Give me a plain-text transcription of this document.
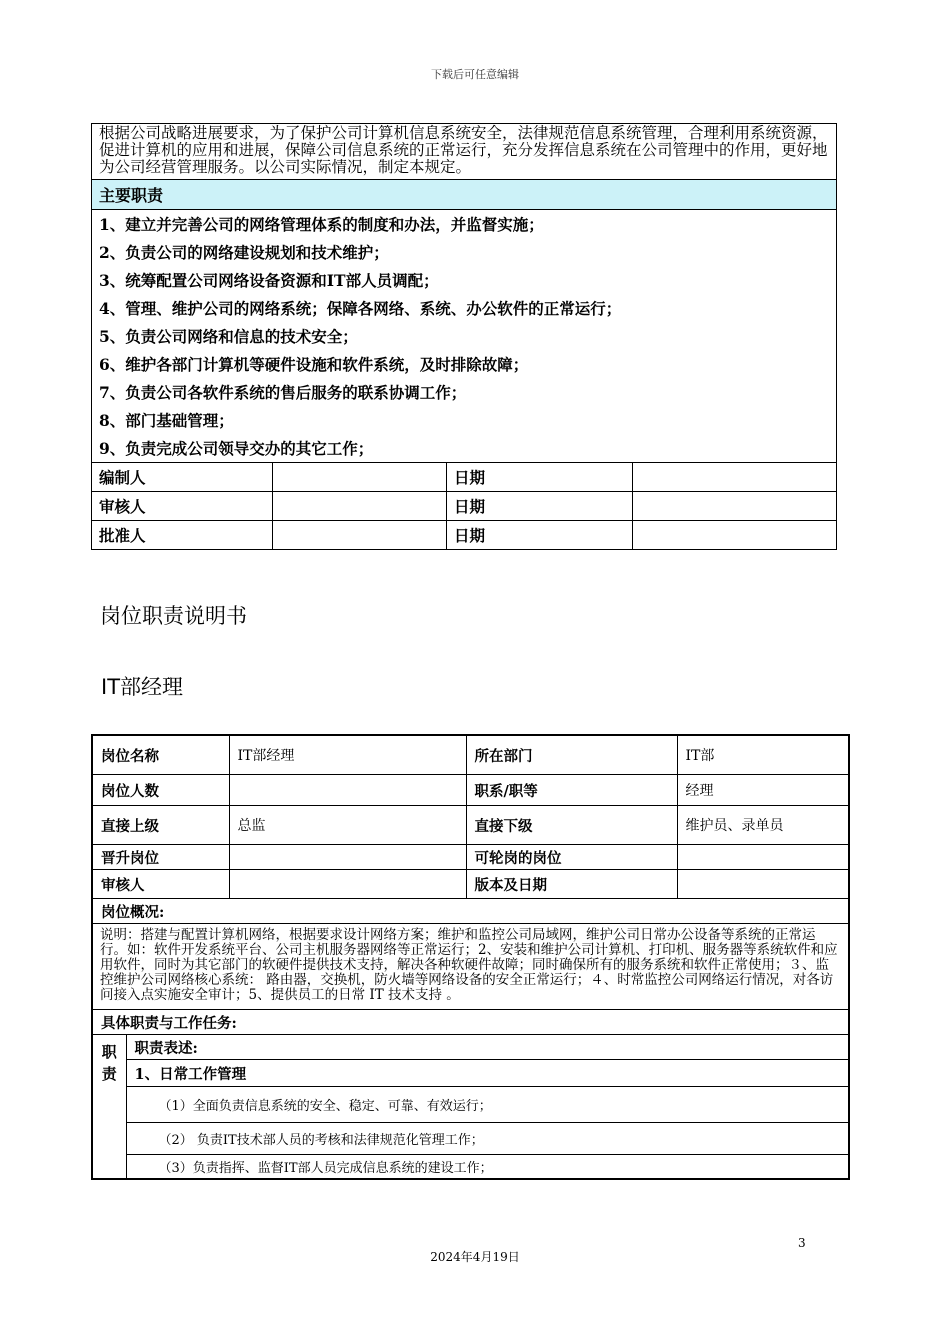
下载后可任意编辑
根据公司战略进展要求，为了保护公司计算机信息系统安全，法律规范信息系统管理，合理利用系统资源，促进计算机的应用和进展，保障公司信息系统的正常运行，充分发挥信息系统在公司管理中的作用，更好地为公司经营管理服务。以公司实际情况，制定本规定。			
主要职责			
1、建立并完善公司的网络管理体系的制度和办法，并监督实施；			
2、负责公司的网络建设规划和技术维护；			
3、统筹配置公司网络设备资源和IT部人员调配；			
4、管理、维护公司的网络系统；保障各网络、系统、办公软件的正常运行；			
5、负责公司网络和信息的技术安全；			
6、维护各部门计算机等硬件设施和软件系统，及时排除故障；			
7、负责公司各软件系统的售后服务的联系协调工作；			
8、部门基础管理；			
9、负责完成公司领导交办的其它工作；			
编制人		日期	
审核人		日期	
批准人		日期	
岗位职责说明书
IT部经理
岗位名称		IT部经理	所在部门	IT部
岗位人数			职系/职等	经理
直接上级		总监	直接下级	维护员、录单员
晋升岗位			可轮岗的岗位	
审核人			版本及日期	
岗位概况:				
说明：搭建与配置计算机网络，根据要求设计网络方案；维护和监控公司局域网，维护公司日常办公设备等系统的正常运行。如：软件开发系统平台、公司主机服务器网络等正常运行；2、安装和维护公司计算机、打印机、服务器等系统软件和应用软件，同时为其它部门的软硬件提供技术支持，解决各种软硬件故障；同时确保所有的服务系统和软件正常使用；３、监控维护公司网络核心系统： 路由器，交换机，防火墙等网络设备的安全正常运行；４、时常监控公司网络运行情况，对各访问接入点实施安全审计；5、提供员工的日常 IT 技术支持 。				
具体职责与工作任务:				
职责	职责表述:			
	1、日常工作管理			
	（1）全面负责信息系统的安全、稳定、可靠、有效运行；			
	（2） 负责IT技术部人员的考核和法律规范化管理工作；			
	（3）负责指挥、监督IT部人员完成信息系统的建设工作；			
3
2024年4月19日
